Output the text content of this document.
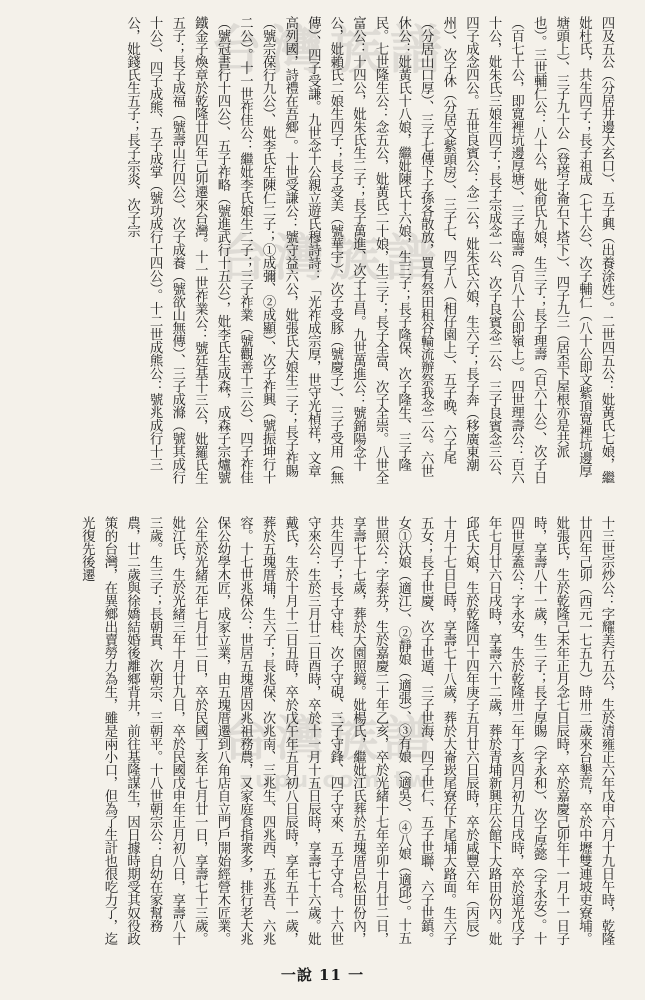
台灣族譜
台灣族譜
台灣族譜
zupu.com.tw
四及五公（分居井邊大玄口）、五子興（出養涂姓）。二世四五公：妣黃氏七娘，繼妣杜氏，共生四子；長子祖成（七十公）、次子輔仁（八十公即文紫頂寛裡坑邊厚塘頭上）、三子九十公（登塔子崙石下塔下）、四子九三（居歪下屋根亦是共派也）。三世輔仁公：八十公，妣俞氏九娘，生三子；長子理壽（百六十公）、次子日（百七十公，即寛裡坑邊厚塘）、三子臨壽（百八十公即嶺上）。四世理壽公：百六十公，妣朱氏三娘生四子；長子宗成念一公、次子良賓念二公、三子良賓念三公、四子成念四公。五世良賓公：念二公，妣朱氏六娘，生六子；長子奔（移廣東潮州）、次子休（分居文紫頭房）、三子七、四子八（相仔園上）、五子晚、六子尾（分居山口厚）、三子七傳下子孫各散放，買有祭田租谷輪流辦祭我念二公。六世休公：妣黃氏十八娘，繼妣陳氏十六娘，生三子；長子隆保、次子隆生、三子隆民。七世隆生公：念五公，妣黃氏二十娘，生三子；長子全富、次子全崇。八世全富公：十四公，妣朱氏生二子；長子萬進、次子士昌。九世萬進公：號錦陽念十公，妣賴氏二娘生四子；長子受美（號華宇）、次子受豚（號慶子）、三子受用（無傳）、四子受謙。九世念十公親立遊氏穆詩詩：「光祚成宗厚，世守光楨祥，文章高列國，詩禮在吾鄉」。十世受謙公：號守益六公，妣張氏大娘生二子；長子祚賜（號宗葆行九公）、妣李氏生陳仁二子；①成彌、②成顯）、次子祚興（號振坤行十二公）。十一世祚佳公：繼妣李氏娘生二子；三子祚業（號觀善十三公）、四子祚佳（號冠書行十四公）、五子祚略（號進武行十五公），妣李氏生成森，成森子宗爐號鐵金子煥章於乾隆廿四年己卯遷來台灣。十一世祚業公：號廷基十三公，妣羅氏生五子；長子成福（號壽山行四公）、次子成養（號欲山無傳）、三子成滌（號其成行十公）、四子成熊、五子成掌（號功成行十四公）。十二世成熊公：號兆成行十三公，妣錢氏生五子；長子宗炎、次子宗
十三世宗炒公：字耀美行五公，生於清雍正六年戊申六月十九日午時，乾隆廿四年己卯（西元一七五九）時卅二歲來台墾荒，卒於中壢雙連坡吏寮埔。妣張氏，生於乾隆己未年正月念七日辰時，卒於嘉慶己卯年十一月十一日子時，享壽八十一歲，生二子；長子厚賜（字永和）、次子厚懿（字永安）。十四世厚蓋公：字永安，生於乾隆卅二年丁亥四月初九日戌時，卒於道光戊子年七月廿六日戌時，享壽六十二歲，葬於青埔新興庄公館下大路田份內。妣邱氏大娘，生於乾隆四十四年庚子五月廿六日辰時，卒於咸豐六年（丙辰）十月十七日巳時，享壽七十八歲，葬於大崙崁尾寮仔下尾埔大路面。生六子五女；長子世慶、次子世遁、三子世海、四子世仁、五子世聯、六子世鎮。女①汏娘（適江）、②靜娘（適張）、③有娘（適吳）、④八娘（適邱）。十五世照公：字泰芬，生於嘉慶二十年乙亥，卒於光緒十七年辛卯十月廿二日，享壽七十七歲，葬於大園照鏡。妣楊氏，繼妣江氏葬於五塊厝呂松田份內，共生四子；長子守桂、次子守硯、三子守鋒、四子守來、五子守合。十六世守來公：生於三月廿二日酉時，卒於十一月十五日辰時，享壽七十六歲。妣戴氏，生於十月十二日丑時，卒於戊午年五月初八日辰時，享年五十一歲，葬於五塊厝埔，生六子；長兆保、次兆南、三兆生、四兆西、五兆吾、六兆容。十七世兆保公：世居五塊厝因兆祖務農，又家庭食指衆多，排行老大兆保公幼學木匠，成家立業，由五塊厝遷到八角店自立門戶開始經營木匠業。公生於光緒元年七月廿二日，卒於民國丁亥年七月廿一日，享壽七十三歲。妣江氏，生於光緒三年十月廿九日，卒於民國戊申年正月初八日，享壽八十三歲。生三子；長朝貴、次朝宗、三朝平。十八世朝宗公：自幼在家幫務農，廿二歲與徐嬌結婚後離鄉背井，前往基隆謀生，因日據時期受其奴役政策的台灣，在異鄉出賣勞力為生，雖是兩小口，但為了生計也很吃力了，迄光復先後遷
一說 11 一
